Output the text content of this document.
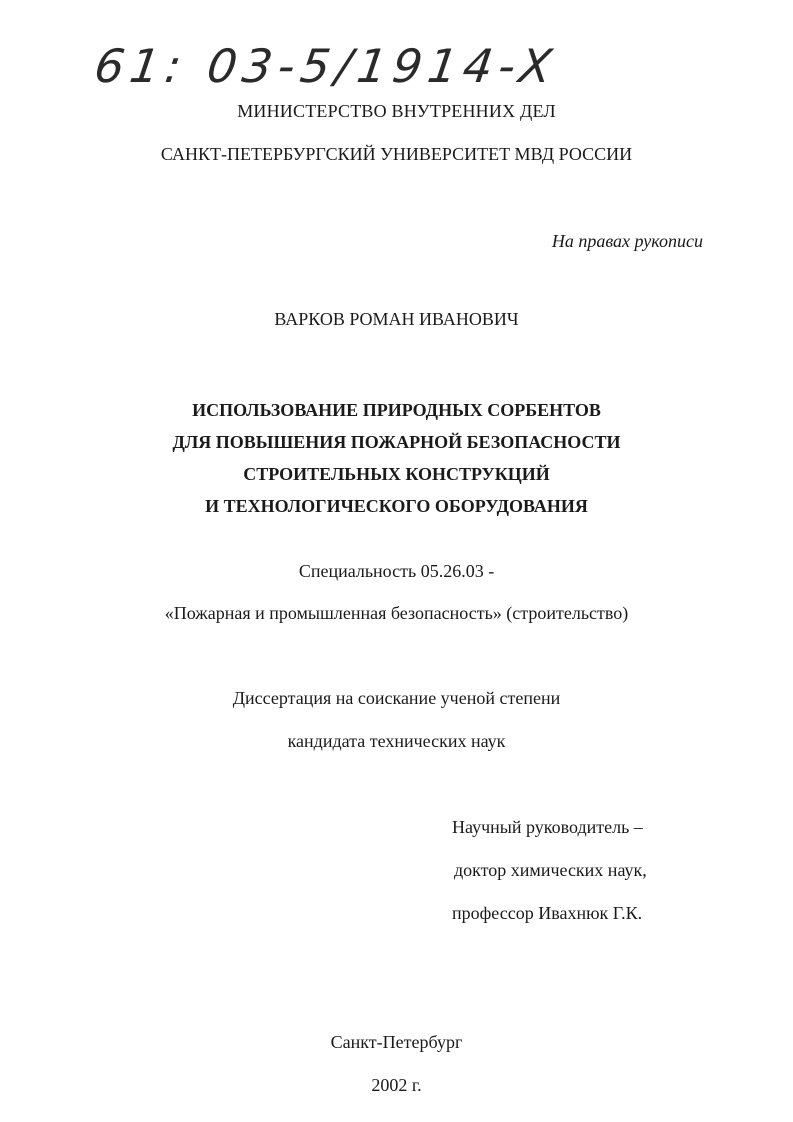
61: 03-5/1914-X
МИНИСТЕРСТВО ВНУТРЕННИХ ДЕЛ
САНКТ-ПЕТЕРБУРГСКИЙ УНИВЕРСИТЕТ МВД РОССИИ
На правах рукописи
ВАРКОВ РОМАН ИВАНОВИЧ
ИСПОЛЬЗОВАНИЕ ПРИРОДНЫХ СОРБЕНТОВ
ДЛЯ ПОВЫШЕНИЯ ПОЖАРНОЙ БЕЗОПАСНОСТИ
СТРОИТЕЛЬНЫХ КОНСТРУКЦИЙ
И ТЕХНОЛОГИЧЕСКОГО ОБОРУДОВАНИЯ
Специальность 05.26.03 -
«Пожарная и промышленная безопасность» (строительство)
Диссертация на соискание ученой степени
кандидата технических наук
Научный руководитель –
доктор химических наук,
профессор Ивахнюк Г.К.
Санкт-Петербург
2002 г.
